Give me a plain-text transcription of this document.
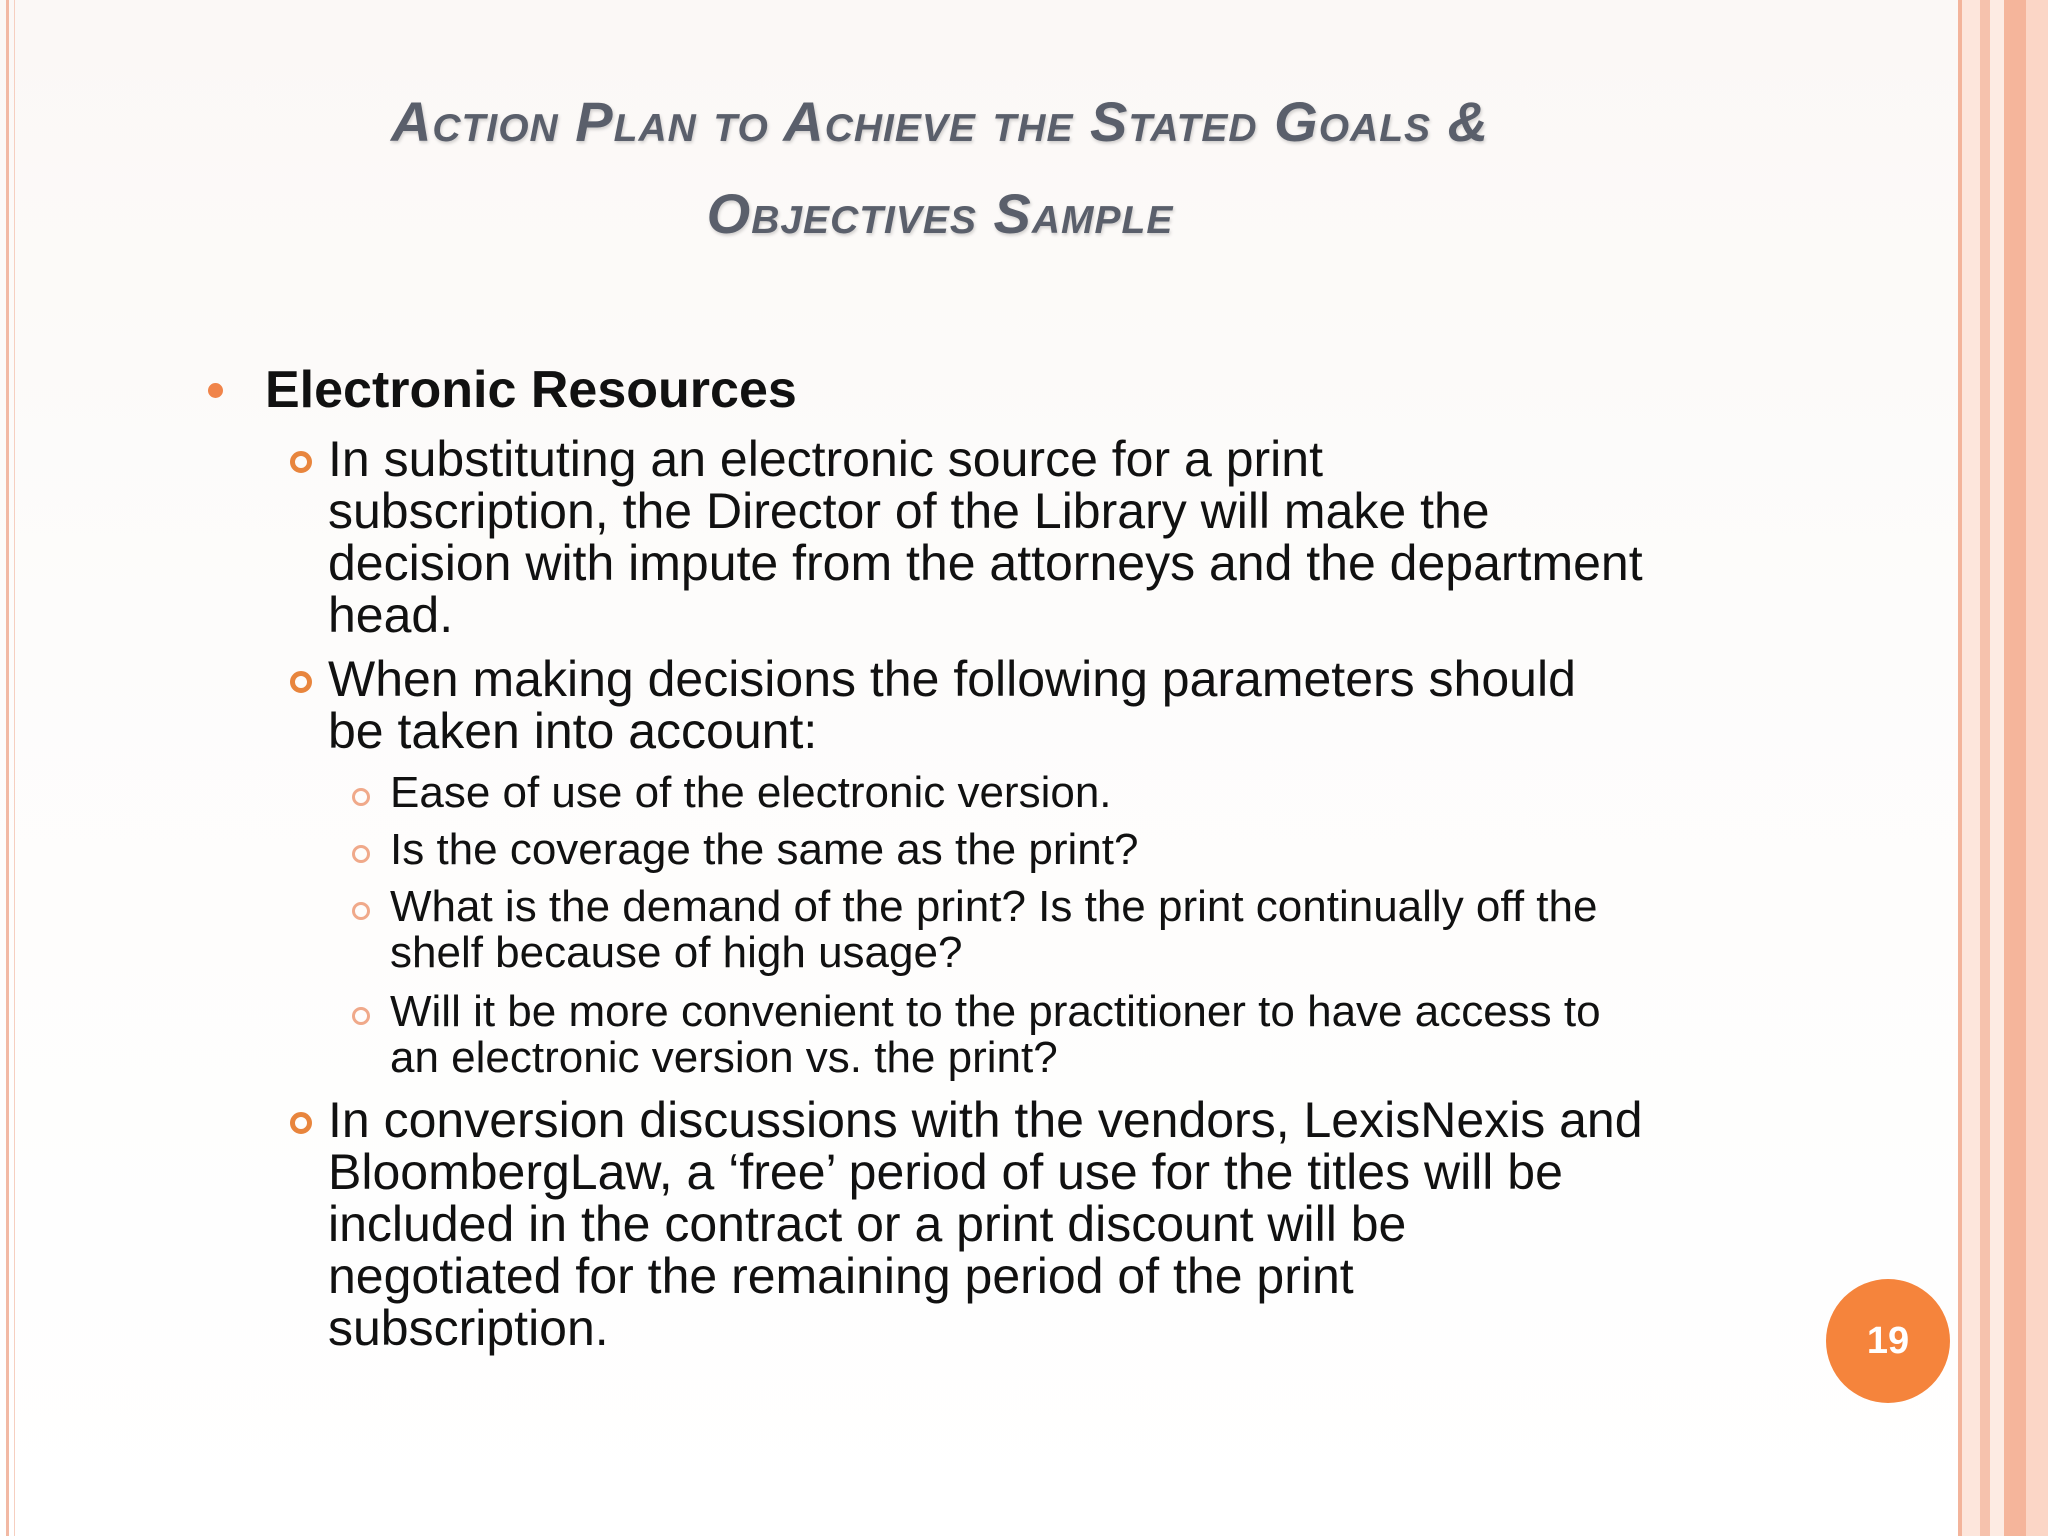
Action Plan to Achieve the Stated Goals &
Objectives Sample
Electronic Resources
In substituting an electronic source for a print
subscription, the Director of the Library will make the
decision with impute from the attorneys and the department
head.
When making decisions the following parameters should
be taken into account:
Ease of use of the electronic version.
Is the coverage the same as the print?
What is the demand of the print? Is the print continually off the
shelf because of high usage?
Will it be more convenient to the practitioner to have access to
an electronic version vs. the print?
In conversion discussions with the vendors, LexisNexis and
BloombergLaw, a ‘free’ period of use for the titles will be
included in the contract or a print discount will be
negotiated for the remaining period of the print
subscription.	19
